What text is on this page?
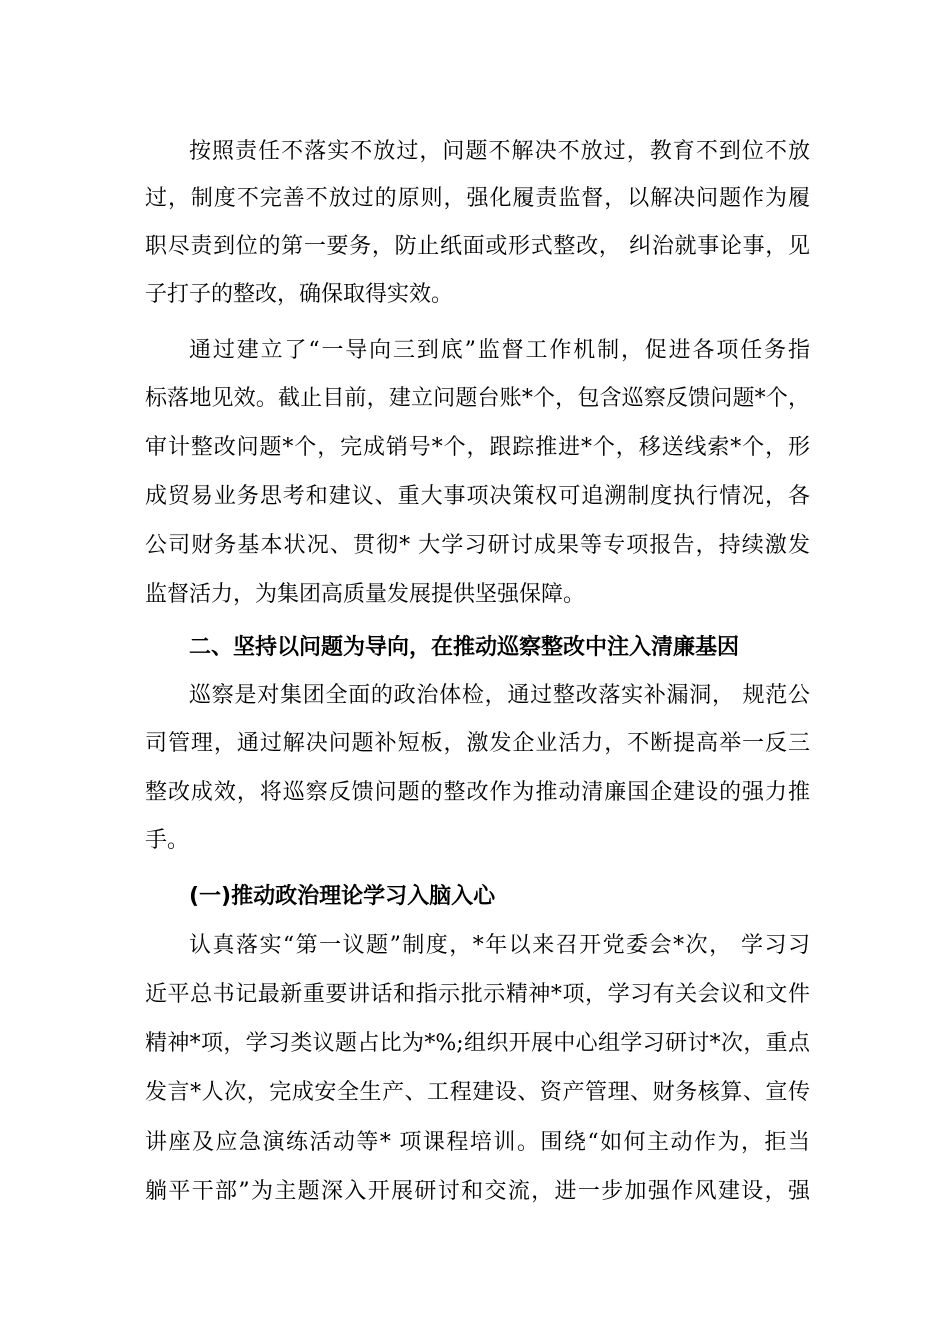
按照责任不落实不放过，问题不解决不放过，教育不到位不放
过，制度不完善不放过的原则，强化履责监督，以解决问题作为履
职尽责到位的第一要务，防止纸面或形式整改， 纠治就事论事，见
子打子的整改，确保取得实效。
通过建立了“一导向三到底”监督工作机制，促进各项任务指
标落地见效。截止目前，建立问题台账*个，包含巡察反馈问题*个，
审计整改问题*个，完成销号*个，跟踪推进*个，移送线索*个，形
成贸易业务思考和建议、重大事项决策权可追溯制度执行情况，各
公司财务基本状况、贯彻* 大学习研讨成果等专项报告，持续激发
监督活力，为集团高质量发展提供坚强保障。
二、坚持以问题为导向，在推动巡察整改中注入清廉基因
巡察是对集团全面的政治体检，通过整改落实补漏洞， 规范公
司管理，通过解决问题补短板，激发企业活力，不断提高举一反三
整改成效，将巡察反馈问题的整改作为推动清廉国企建设的强力推
手。
(一)推动政治理论学习入脑入心
认真落实“第一议题”制度，*年以来召开党委会*次， 学习习
近平总书记最新重要讲话和指示批示精神*项，学习有关会议和文件
精神*项，学习类议题占比为*%;组织开展中心组学习研讨*次，重点
发言*人次，完成安全生产、工程建设、资产管理、财务核算、宣传
讲座及应急演练活动等* 项课程培训。围绕“如何主动作为，拒当
躺平干部”为主题深入开展研讨和交流，进一步加强作风建设，强
